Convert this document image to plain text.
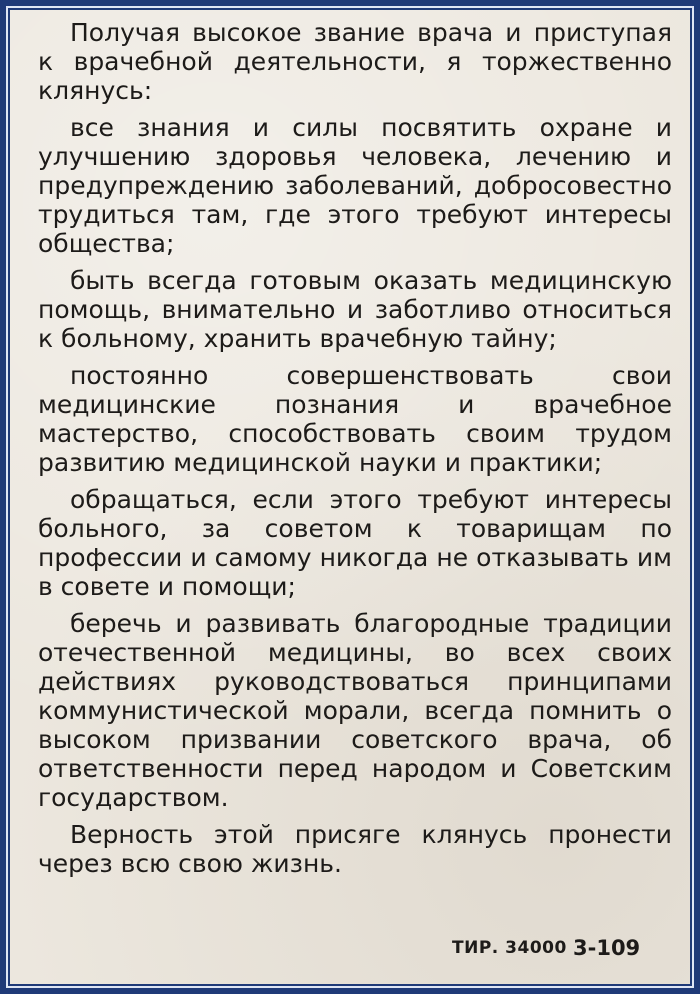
Получая высокое звание врача и приступая к врачебной деятельности, я торжественно клянусь:

все знания и силы посвятить охране и улучшению здоровья человека, лечению и предупреждению заболеваний, добросовестно трудиться там, где этого требуют интересы общества;

быть всегда готовым оказать медицинскую помощь, внимательно и заботливо относиться к больному, хранить врачебную тайну;

постоянно совершенствовать свои медицинские познания и врачебное мастерство, способствовать своим трудом развитию медицинской науки и практики;

обращаться, если этого требуют интересы больного, за советом к товарищам по профессии и самому никогда не отказывать им в совете и помощи;

беречь и развивать благородные традиции отечественной медицины, во всех своих действиях руководствоваться принципами коммунистической морали, всегда помнить о высоком призвании советского врача, об ответственности перед народом и Советским государством.

Верность этой присяге клянусь пронести через всю свою жизнь.

ТИР. 34000 3-109
